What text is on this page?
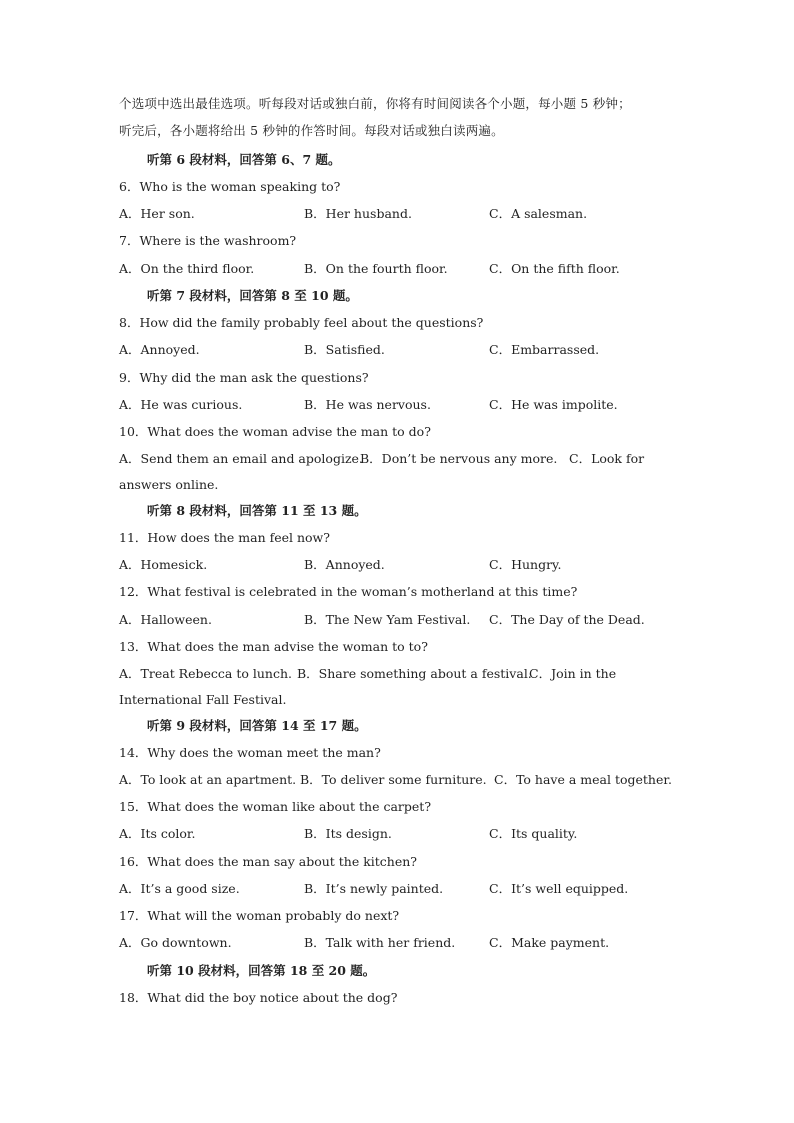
个选项中选出最佳选项。听每段对话或独白前，你将有时间阅读各个小题，每小题 5 秒钟；
听完后，各小题将给出 5 秒钟的作答时间。每段对话或独白读两遍。
听第 6 段材料，回答第 6、7 题。
6．Who is the woman speaking to?
A．Her son.	B．Her husband.	C．A salesman.
7．Where is the washroom?
A．On the third floor.	B．On the fourth floor.	C．On the fifth floor.
听第 7 段材料，回答第 8 至 10 题。
8．How did the family probably feel about the questions?
A．Annoyed.	B．Satisfied.	C．Embarrassed.
9．Why did the man ask the questions?
A．He was curious.	B．He was nervous.	C．He was impolite.
10．What does the woman advise the man to do?
A．Send them an email and apologize.
B．Don’t be nervous any more. C．Look for
answers online.
听第 8 段材料，回答第 11 至 13 题。
11．How does the man feel now?
A．Homesick.	B．Annoyed.	C．Hungry.
12．What festival is celebrated in the woman’s motherland at this time?
A．Halloween.	B．The New Yam Festival. C．The Day of the Dead.
13．What does the man advise the woman to to?
A．Treat Rebecca to lunch. B．Share something about a festival.
C．Join in the
International Fall Festival.
听第 9 段材料，回答第 14 至 17 题。
14．Why does the woman meet the man?
A．To look at an apartment. B．To deliver some furniture. C．To have a meal together.
15．What does the woman like about the carpet?
A．Its color.	B．Its design.	C．Its quality.
16．What does the man say about the kitchen?
A．It’s a good size.	B．It’s newly painted.	C．It’s well equipped.
17．What will the woman probably do next?
A．Go downtown.	B．Talk with her friend.	C．Make payment.
听第 10 段材料，回答第 18 至 20 题。
18．What did the boy notice about the dog?
